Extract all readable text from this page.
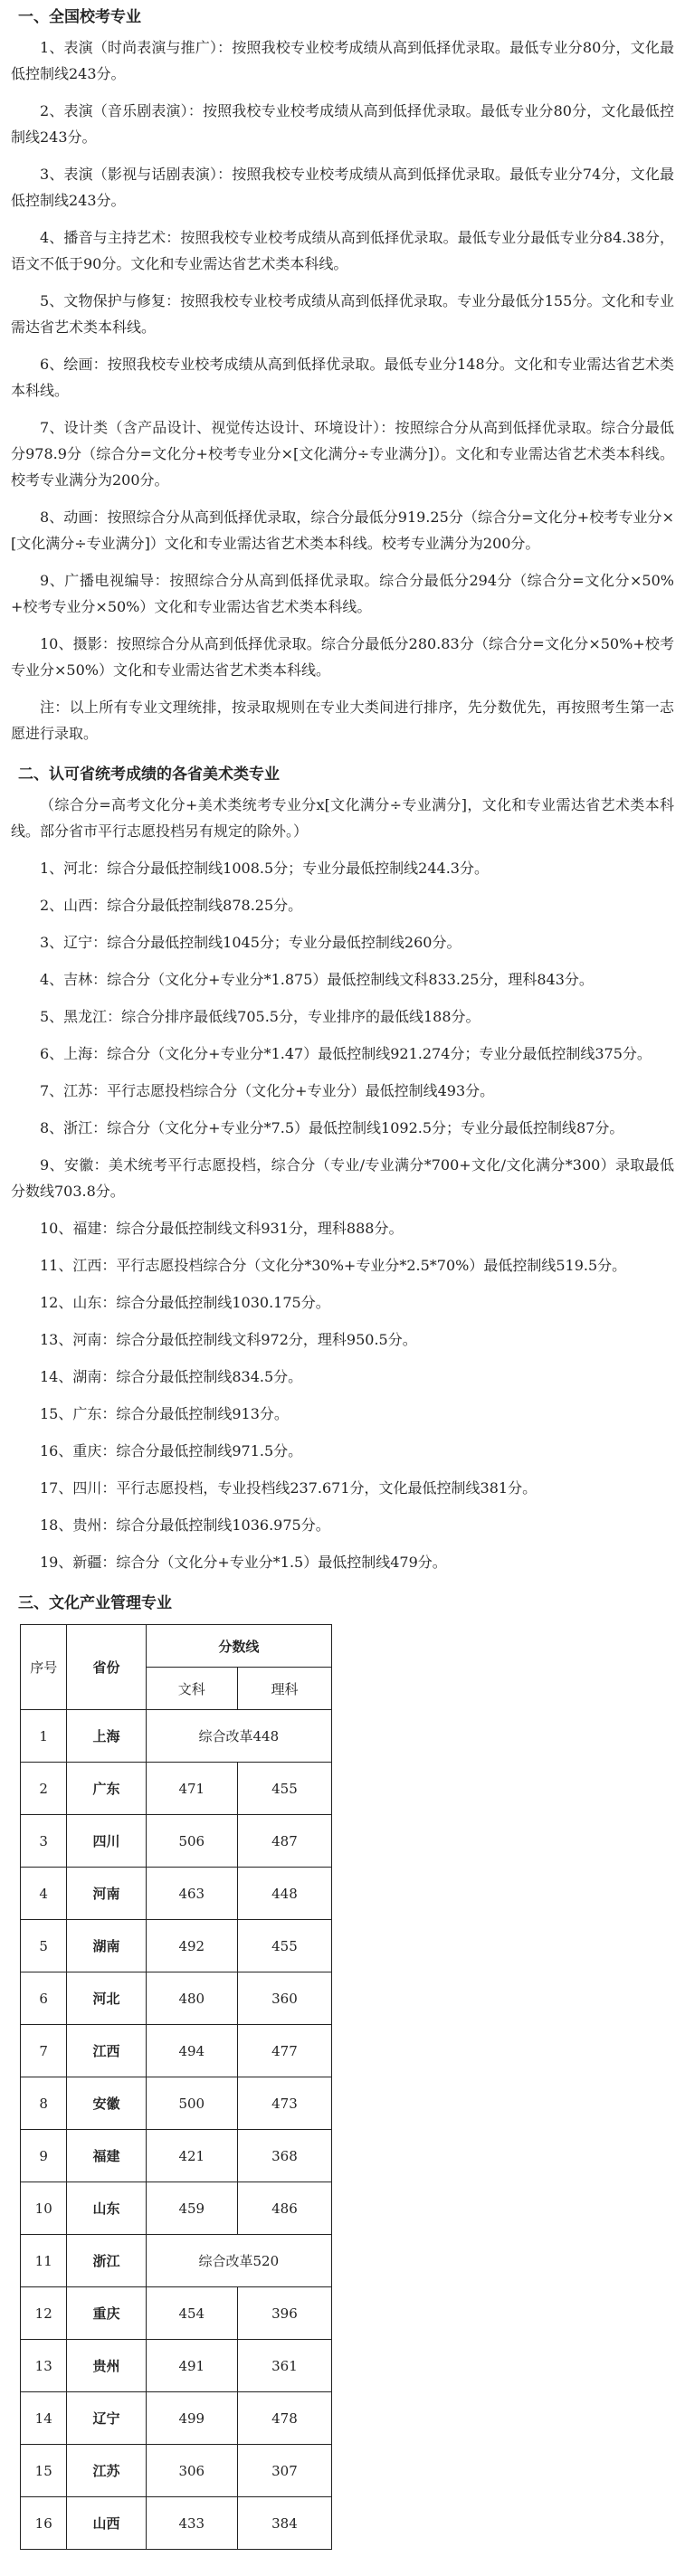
一、全国校考专业

1、表演（时尚表演与推广）：按照我校专业校考成绩从高到低择优录取。最低专业分80分，文化最低控制线243分。

2、表演（音乐剧表演）：按照我校专业校考成绩从高到低择优录取。最低专业分80分，文化最低控制线243分。

3、表演（影视与话剧表演）：按照我校专业校考成绩从高到低择优录取。最低专业分74分，文化最低控制线243分。

4、播音与主持艺术：按照我校专业校考成绩从高到低择优录取。最低专业分最低专业分84.38分，语文不低于90分。文化和专业需达省艺术类本科线。

5、文物保护与修复：按照我校专业校考成绩从高到低择优录取。专业分最低分155分。文化和专业需达省艺术类本科线。

6、绘画：按照我校专业校考成绩从高到低择优录取。最低专业分148分。文化和专业需达省艺术类本科线。

7、设计类（含产品设计、视觉传达设计、环境设计）：按照综合分从高到低择优录取。综合分最低分978.9分（综合分=文化分+校考专业分×[文化满分÷专业满分]）。文化和专业需达省艺术类本科线。校考专业满分为200分。

8、动画：按照综合分从高到低择优录取，综合分最低分919.25分（综合分=文化分+校考专业分×[文化满分÷专业满分]）文化和专业需达省艺术类本科线。校考专业满分为200分。

9、广播电视编导：按照综合分从高到低择优录取。综合分最低分294分（综合分=文化分×50%+校考专业分×50%）文化和专业需达省艺术类本科线。

10、摄影：按照综合分从高到低择优录取。综合分最低分280.83分（综合分=文化分×50%+校考专业分×50%）文化和专业需达省艺术类本科线。

注：以上所有专业文理统排，按录取规则在专业大类间进行排序，先分数优先，再按照考生第一志愿进行录取。

二、认可省统考成绩的各省美术类专业

（综合分=高考文化分+美术类统考专业分x[文化满分÷专业满分]，文化和专业需达省艺术类本科线。部分省市平行志愿投档另有规定的除外。）

1、河北：综合分最低控制线1008.5分；专业分最低控制线244.3分。

2、山西：综合分最低控制线878.25分。

3、辽宁：综合分最低控制线1045分；专业分最低控制线260分。

4、吉林：综合分（文化分+专业分*1.875）最低控制线文科833.25分，理科843分。

5、黑龙江：综合分排序最低线705.5分，专业排序的最低线188分。

6、上海：综合分（文化分+专业分*1.47）最低控制线921.274分；专业分最低控制线375分。

7、江苏：平行志愿投档综合分（文化分+专业分）最低控制线493分。

8、浙江：综合分（文化分+专业分*7.5）最低控制线1092.5分；专业分最低控制线87分。

9、安徽：美术统考平行志愿投档，综合分（专业/专业满分*700+文化/文化满分*300）录取最低分数线703.8分。

10、福建：综合分最低控制线文科931分，理科888分。

11、江西：平行志愿投档综合分（文化分*30%+专业分*2.5*70%）最低控制线519.5分。

12、山东：综合分最低控制线1030.175分。

13、河南：综合分最低控制线文科972分，理科950.5分。

14、湖南：综合分最低控制线834.5分。

15、广东：综合分最低控制线913分。

16、重庆：综合分最低控制线971.5分。

17、四川：平行志愿投档，专业投档线237.671分，文化最低控制线381分。

18、贵州：综合分最低控制线1036.975分。

19、新疆：综合分（文化分+专业分*1.5）最低控制线479分。

三、文化产业管理专业
序号	省份	分数线	
		文科	理科
1	上海	综合改革448	
2	广东	471	455
3	四川	506	487
4	河南	463	448
5	湖南	492	455
6	河北	480	360
7	江西	494	477
8	安徽	500	473
9	福建	421	368
10	山东	459	486
11	浙江	综合改革520	
12	重庆	454	396
13	贵州	491	361
14	辽宁	499	478
15	江苏	306	307
16	山西	433	384
